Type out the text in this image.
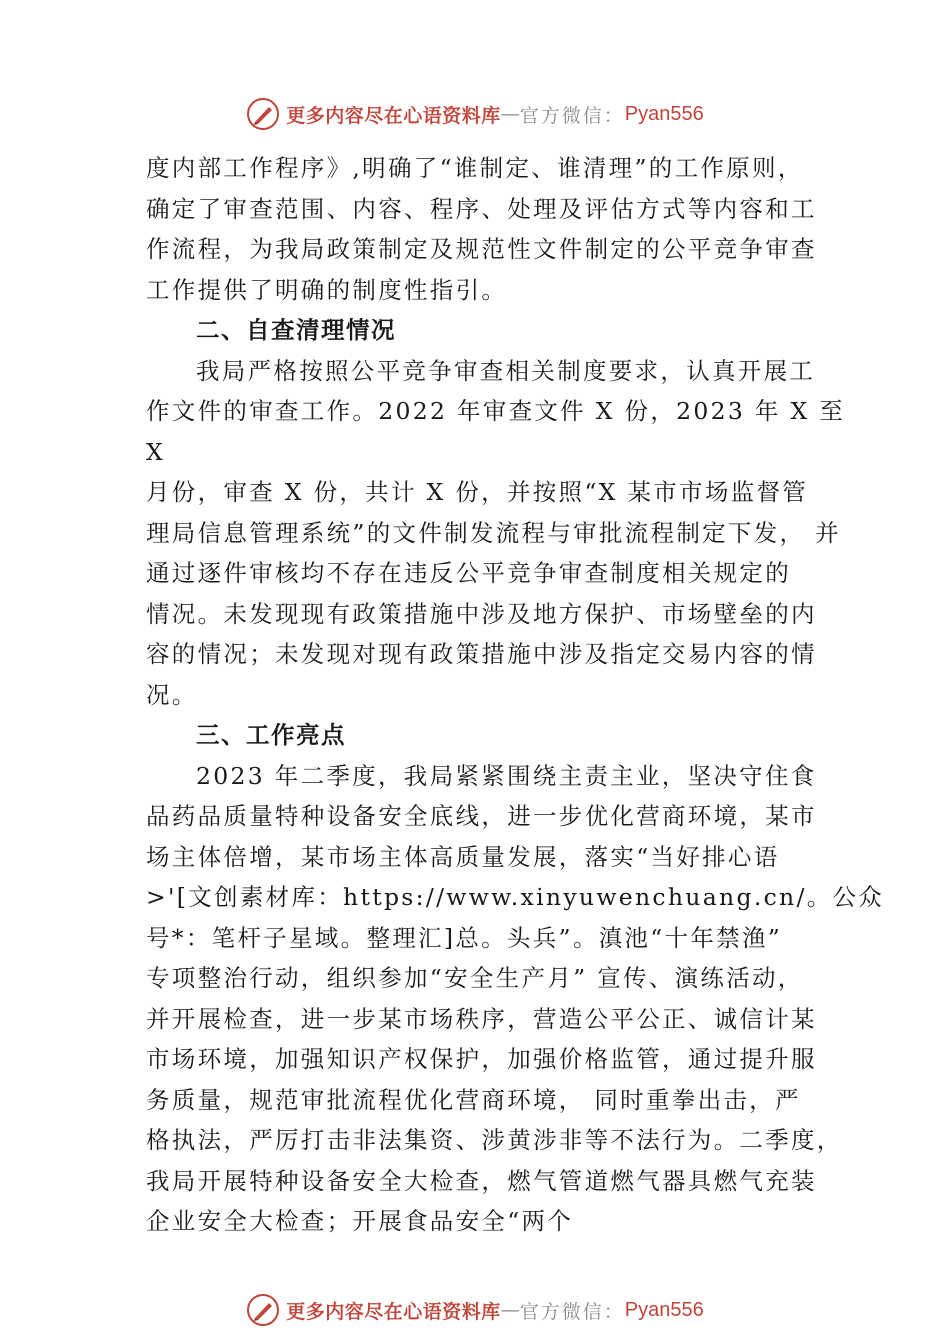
更多内容尽在心语资料库 — 官方微信： Pyan556
度内部工作程序》,明确了“谁制定、谁清理”的工作原则，
确定了审查范围、内容、程序、处理及评估方式等内容和工
作流程，为我局政策制定及规范性文件制定的公平竞争审查
工作提供了明确的制度性指引。
二、自查清理情况
我局严格按照公平竞争审查相关制度要求，认真开展工
作文件的审查工作。2022 年审查文件 X 份，2023 年 X 至
X
月份，审查 X 份，共计 X 份，并按照“X 某市市场监督管
理局信息管理系统”的文件制发流程与审批流程制定下发， 并
通过逐件审核均不存在违反公平竞争审查制度相关规定的
情况。未发现现有政策措施中涉及地方保护、市场壁垒的内
容的情况；未发现对现有政策措施中涉及指定交易内容的情
况。
三、工作亮点
2023 年二季度，我局紧紧围绕主责主业，坚决守住食
品药品质量特种设备安全底线，进一步优化营商环境，某市
场主体倍增，某市场主体高质量发展，落实“当好排心语
>'[文创素材库：https://www.xinyuwenchuang.cn/。公众
号*：笔杆子星域。整理汇]总。头兵”。滇池“十年禁渔”
专项整治行动，组织参加“安全生产月” 宣传、演练活动，
并开展检查，进一步某市场秩序，营造公平公正、诚信计某
市场环境，加强知识产权保护，加强价格监管，通过提升服
务质量，规范审批流程优化营商环境， 同时重拳出击，严
格执法，严厉打击非法集资、涉黄涉非等不法行为。二季度，
我局开展特种设备安全大检查，燃气管道燃气器具燃气充装
企业安全大检查；开展食品安全“两个
更多内容尽在心语资料库 — 官方微信： Pyan556
